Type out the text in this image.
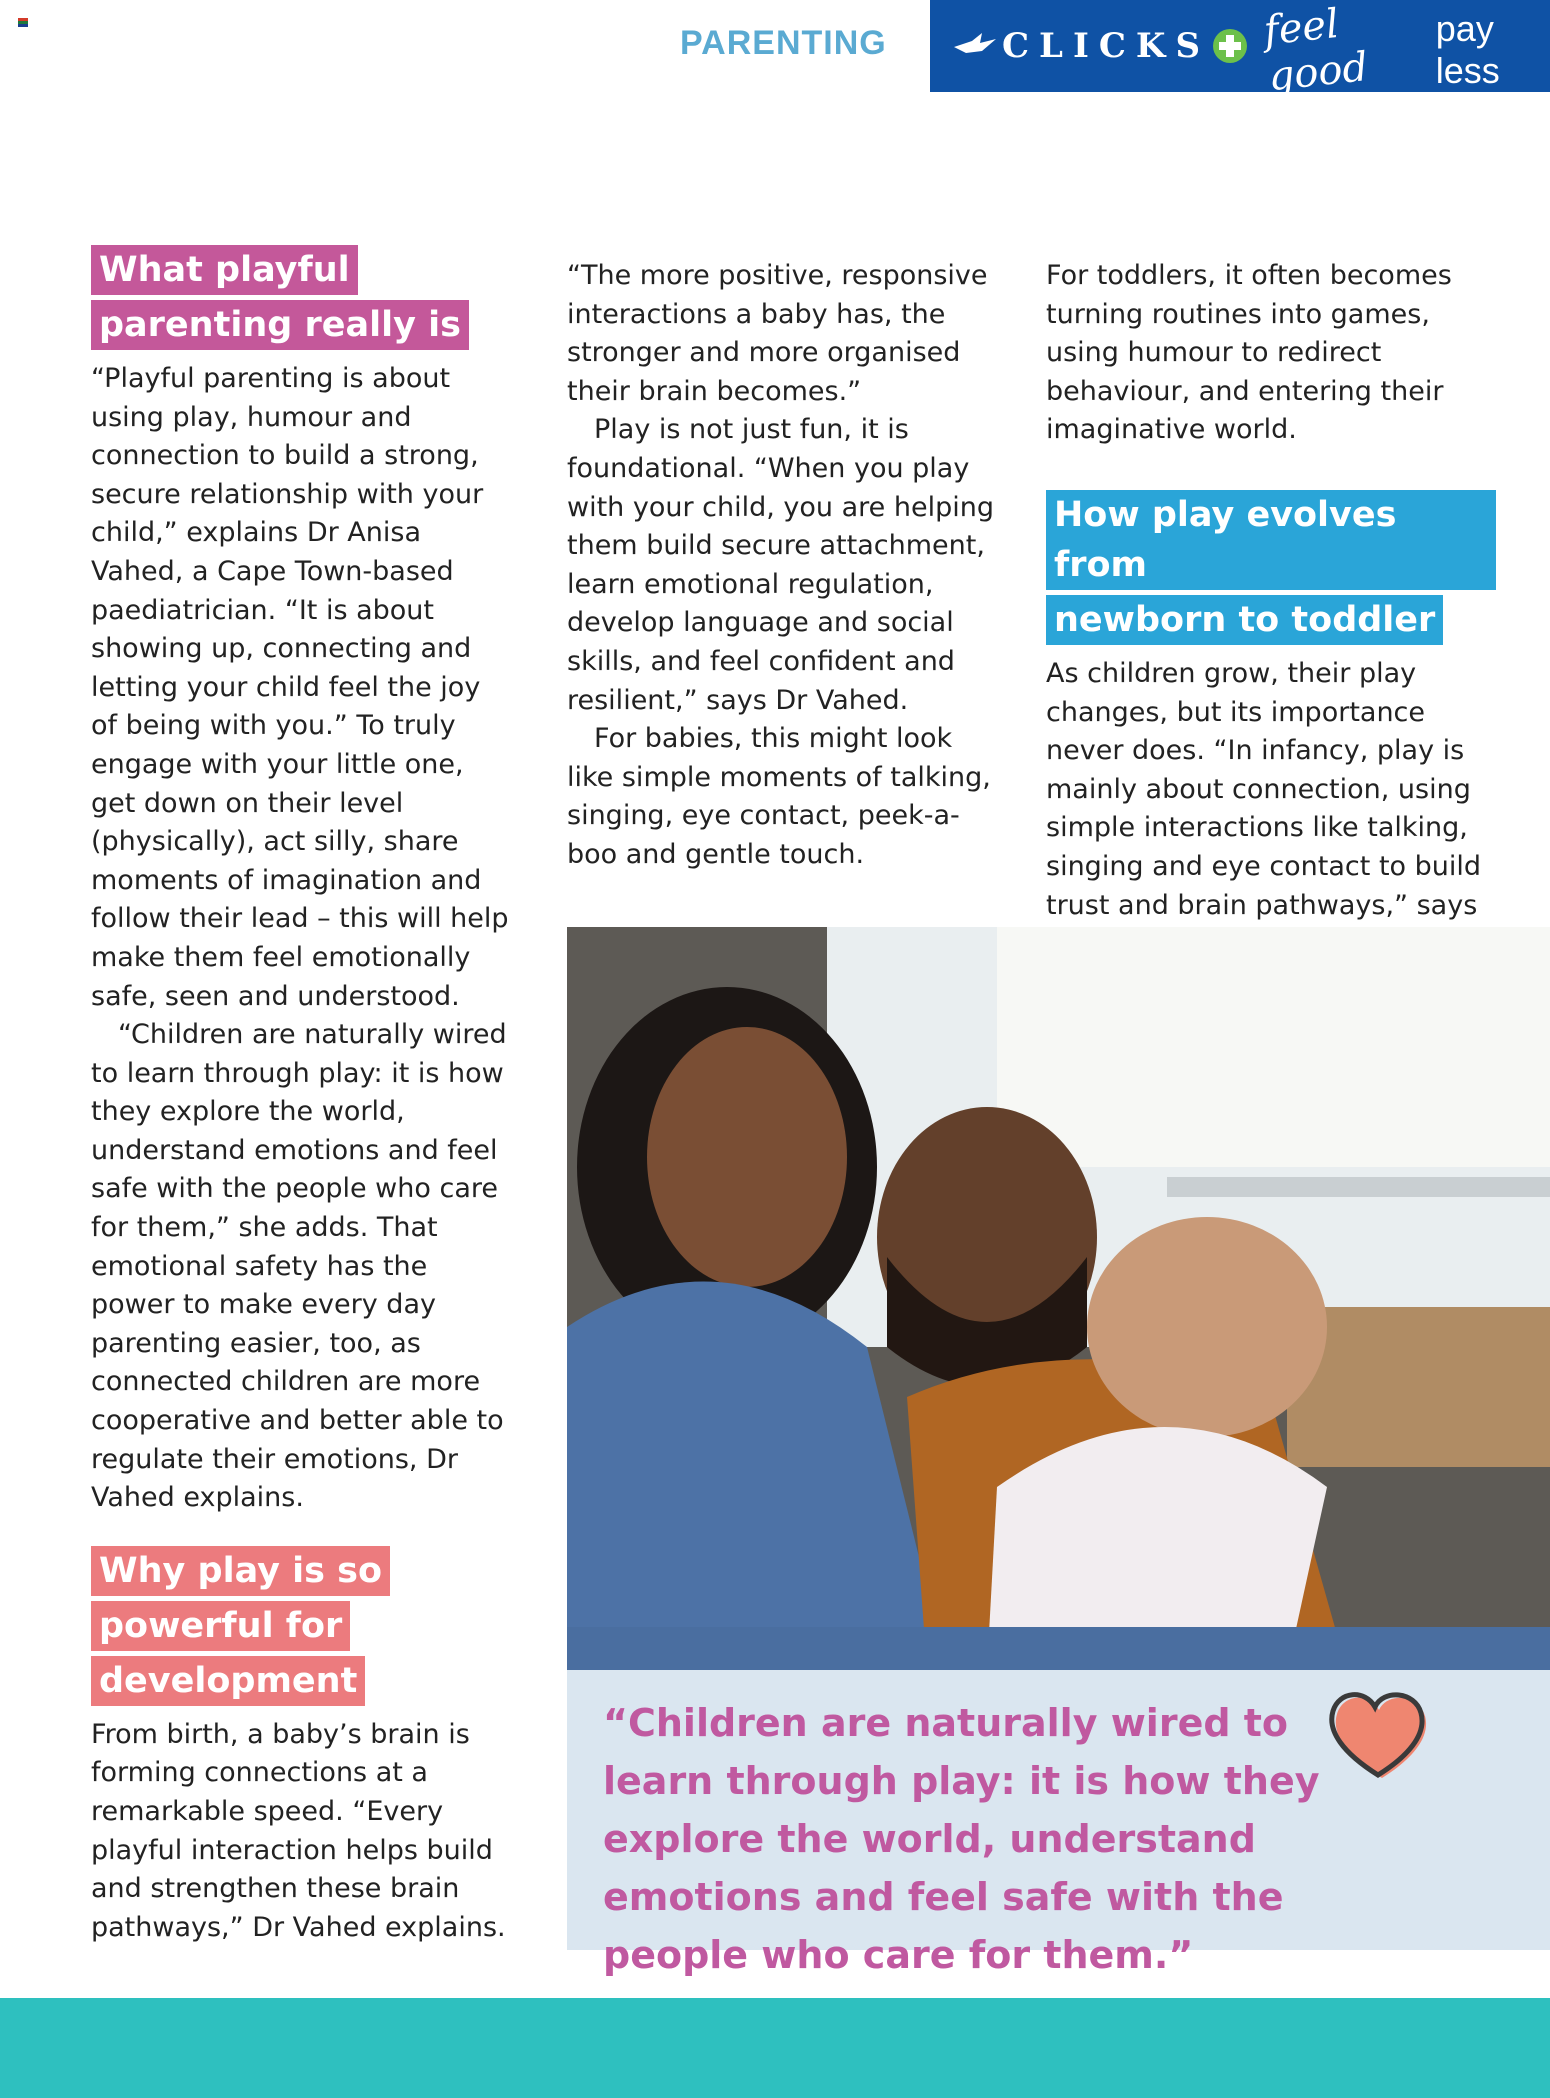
PARENTING	CLICKS feel good
pay less
What playful
parenting really is

“Playful parenting is about using play, humour and connection to build a strong, secure relationship with your child,” explains Dr Anisa Vahed, a Cape Town-based paediatrician. “It is about showing up, connecting and letting your child feel the joy of being with you.” To truly engage with your little one, get down on their level (physically), act silly, share moments of imagination and follow their lead – this will help make them feel emotionally safe, seen and understood.

“Children are naturally wired to learn through play: it is how they explore the world, understand emotions and feel safe with the people who care for them,” she adds. That emotional safety has the power to make every day parenting easier, too, as connected children are more cooperative and better able to regulate their emotions, Dr Vahed explains.

Why play is so
powerful for
development

From birth, a baby’s brain is forming connections at a remarkable speed. “Every playful interaction helps build and strengthen these brain pathways,” Dr Vahed explains.

“The more positive, responsive interactions a baby has, the stronger and more organised their brain becomes.”

Play is not just fun, it is foundational. “When you play with your child, you are helping them build secure attachment, learn emotional regulation, develop language and social skills, and feel confident and resilient,” says Dr Vahed.

For babies, this might look like simple moments of talking, singing, eye contact, peek-a-boo and gentle touch.

For toddlers, it often becomes turning routines into games, using humour to redirect behaviour, and entering their imaginative world.

How play evolves from
newborn to toddler

As children grow, their play changes, but its importance never does. “In infancy, play is mainly about connection, using simple interactions like talking, singing and eye contact to build trust and brain pathways,” says

“Children are naturally wired to learn through play: it is how they explore the world, understand emotions and feel safe with the people who care for them.”
